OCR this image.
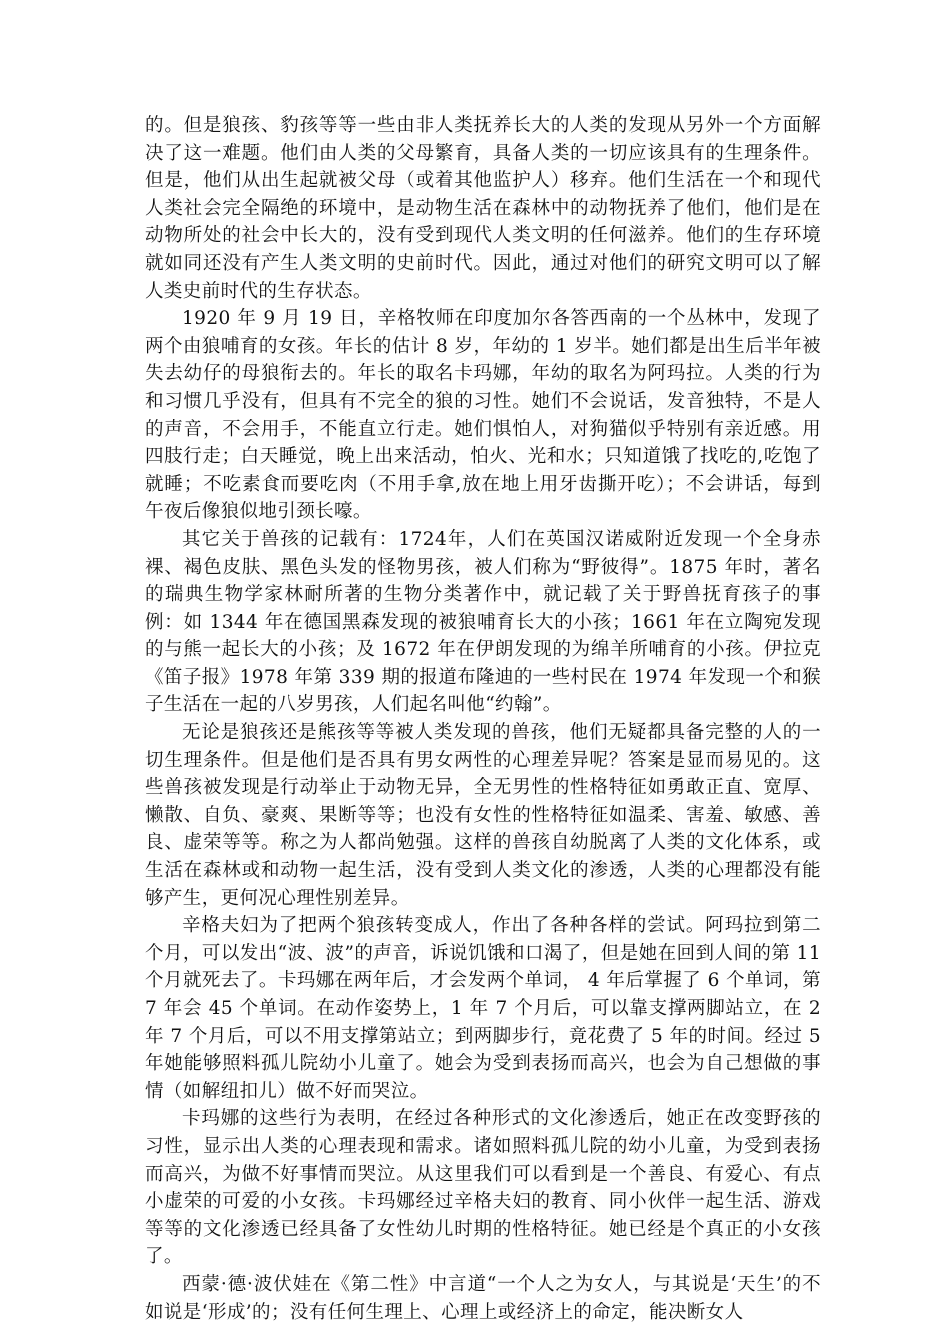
的。但是狼孩、豹孩等等一些由非人类抚养长大的人类的发现从另外一个方面解决了这一难题。他们由人类的父母繁育，具备人类的一切应该具有的生理条件。但是，他们从出生起就被父母（或着其他监护人）移弃。他们生活在一个和现代人类社会完全隔绝的环境中，是动物生活在森林中的动物抚养了他们，他们是在动物所处的社会中长大的，没有受到现代人类文明的任何滋养。他们的生存环境就如同还没有产生人类文明的史前时代。因此，通过对他们的研究文明可以了解人类史前时代的生存状态。

1920 年 9 月 19 日，辛格牧师在印度加尔各答西南的一个丛林中，发现了两个由狼哺育的女孩。年长的估计 8 岁，年幼的 1 岁半。她们都是出生后半年被失去幼仔的母狼衔去的。年长的取名卡玛娜，年幼的取名为阿玛拉。人类的行为和习惯几乎没有，但具有不完全的狼的习性。她们不会说话，发音独特，不是人的声音，不会用手，不能直立行走。她们惧怕人，对狗猫似乎特别有亲近感。用四肢行走；白天睡觉，晚上出来活动，怕火、光和水；只知道饿了找吃的,吃饱了就睡；不吃素食而要吃肉（不用手拿,放在地上用牙齿撕开吃）；不会讲话，每到午夜后像狼似地引颈长嚎。

其它关于兽孩的记载有：1724年，人们在英国汉诺威附近发现一个全身赤裸、褐色皮肤、黑色头发的怪物男孩，被人们称为“野彼得”。1875 年时，著名的瑞典生物学家林耐所著的生物分类著作中，就记载了关于野兽抚育孩子的事例：如 1344 年在德国黑森发现的被狼哺育长大的小孩；1661 年在立陶宛发现的与熊一起长大的小孩；及 1672 年在伊朗发现的为绵羊所哺育的小孩。伊拉克《笛子报》1978 年第 339 期的报道布隆迪的一些村民在 1974 年发现一个和猴子生活在一起的八岁男孩，人们起名叫他“约翰”。

无论是狼孩还是熊孩等等被人类发现的兽孩，他们无疑都具备完整的人的一切生理条件。但是他们是否具有男女两性的心理差异呢？答案是显而易见的。这些兽孩被发现是行动举止于动物无异，全无男性的性格特征如勇敢正直、宽厚、懒散、自负、豪爽、果断等等；也没有女性的性格特征如温柔、害羞、敏感、善良、虚荣等等。称之为人都尚勉强。这样的兽孩自幼脱离了人类的文化体系，或生活在森林或和动物一起生活，没有受到人类文化的渗透，人类的心理都没有能够产生，更何况心理性别差异。

辛格夫妇为了把两个狼孩转变成人，作出了各种各样的尝试。阿玛拉到第二个月，可以发出“波、波”的声音，诉说饥饿和口渴了，但是她在回到人间的第 11 个月就死去了。卡玛娜在两年后，才会发两个单词， 4 年后掌握了 6 个单词，第 7 年会 45 个单词。在动作姿势上，1 年 7 个月后，可以靠支撑两脚站立，在 2 年 7 个月后，可以不用支撑第站立；到两脚步行，竟花费了 5 年的时间。经过 5 年她能够照料孤儿院幼小儿童了。她会为受到表扬而高兴，也会为自己想做的事情（如解纽扣儿）做不好而哭泣。

卡玛娜的这些行为表明，在经过各种形式的文化渗透后，她正在改变野孩的习性，显示出人类的心理表现和需求。诸如照料孤儿院的幼小儿童，为受到表扬而高兴，为做不好事情而哭泣。从这里我们可以看到是一个善良、有爱心、有点小虚荣的可爱的小女孩。卡玛娜经过辛格夫妇的教育、同小伙伴一起生活、游戏等等的文化渗透已经具备了女性幼儿时期的性格特征。她已经是个真正的小女孩了。

西蒙·德·波伏娃在《第二性》中言道“一个人之为女人，与其说是‘天生’的不如说是‘形成’的；没有任何生理上、心理上或经济上的命定，能决断女人
